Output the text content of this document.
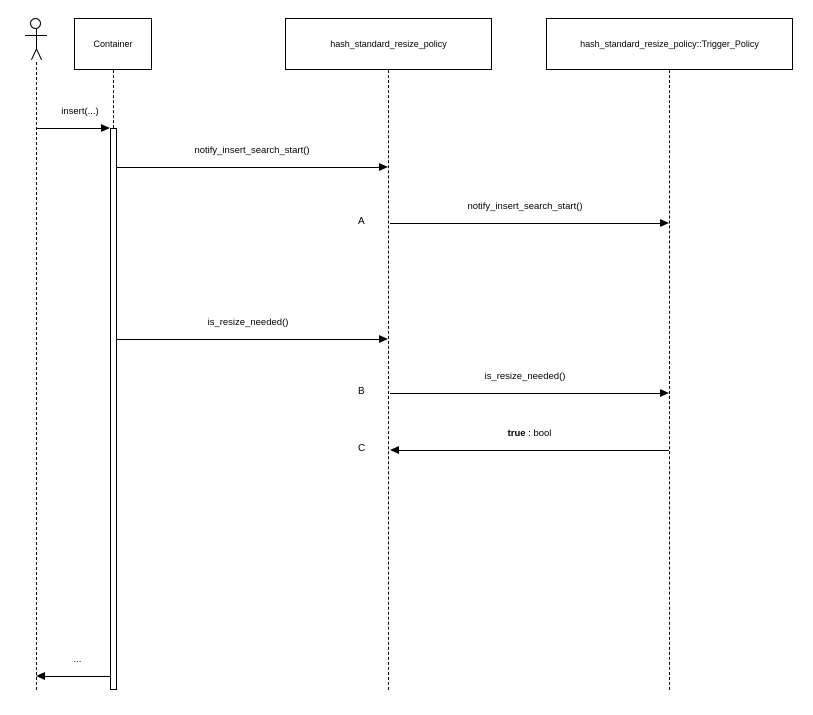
Container	hash_standard_resize_policy	hash_standard_resize_policy::Trigger_Policy
insert(...)
notify_insert_search_start()
A
notify_insert_search_start()
is_resize_needed()
B
is_resize_needed()
C
true : bool
...
